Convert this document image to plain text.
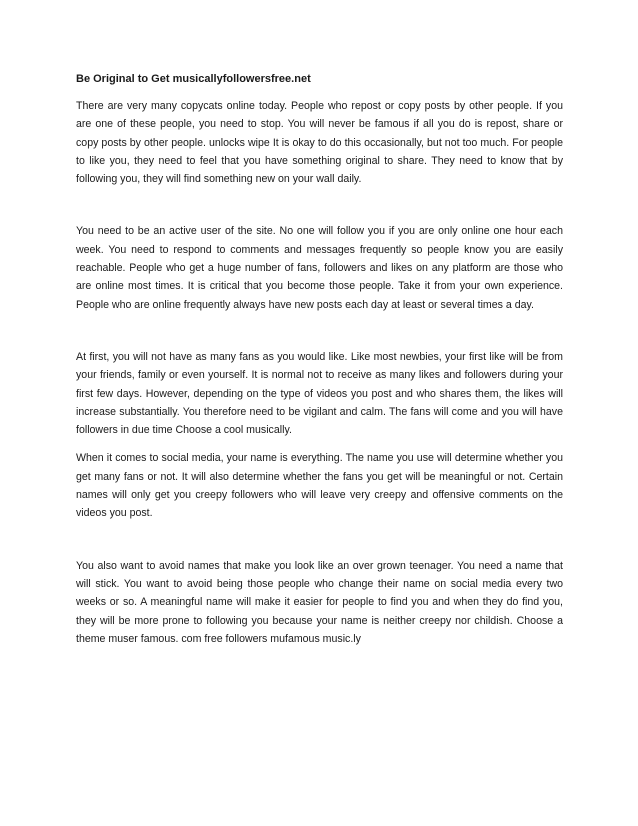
Be Original to Get musicallyfollowersfree.net

There are very many copycats online today. People who repost or copy posts by other people. If you are one of these people, you need to stop. You will never be famous if all you do is repost, share or copy posts by other people. unlocks wipe It is okay to do this occasionally, but not too much. For people to like you, they need to feel that you have something original to share. They need to know that by following you, they will find something new on your wall daily.

You need to be an active user of the site. No one will follow you if you are only online one hour each week. You need to respond to comments and messages frequently so people know you are easily reachable. People who get a huge number of fans, followers and likes on any platform are those who are online most times. It is critical that you become those people. Take it from your own experience. People who are online frequently always have new posts each day at least or several times a day.

At first, you will not have as many fans as you would like. Like most newbies, your first like will be from your friends, family or even yourself. It is normal not to receive as many likes and followers during your first few days. However, depending on the type of videos you post and who shares them, the likes will increase substantially. You therefore need to be vigilant and calm. The fans will come and you will have followers in due time Choose a cool musically.

When it comes to social media, your name is everything. The name you use will determine whether you get many fans or not. It will also determine whether the fans you get will be meaningful or not. Certain names will only get you creepy followers who will leave very creepy and offensive comments on the videos you post.

You also want to avoid names that make you look like an over grown teenager. You need a name that will stick. You want to avoid being those people who change their name on social media every two weeks or so. A meaningful name will make it easier for people to find you and when they do find you, they will be more prone to following you because your name is neither creepy nor childish. Choose a theme muser famous. com free followers mufamous music.ly
